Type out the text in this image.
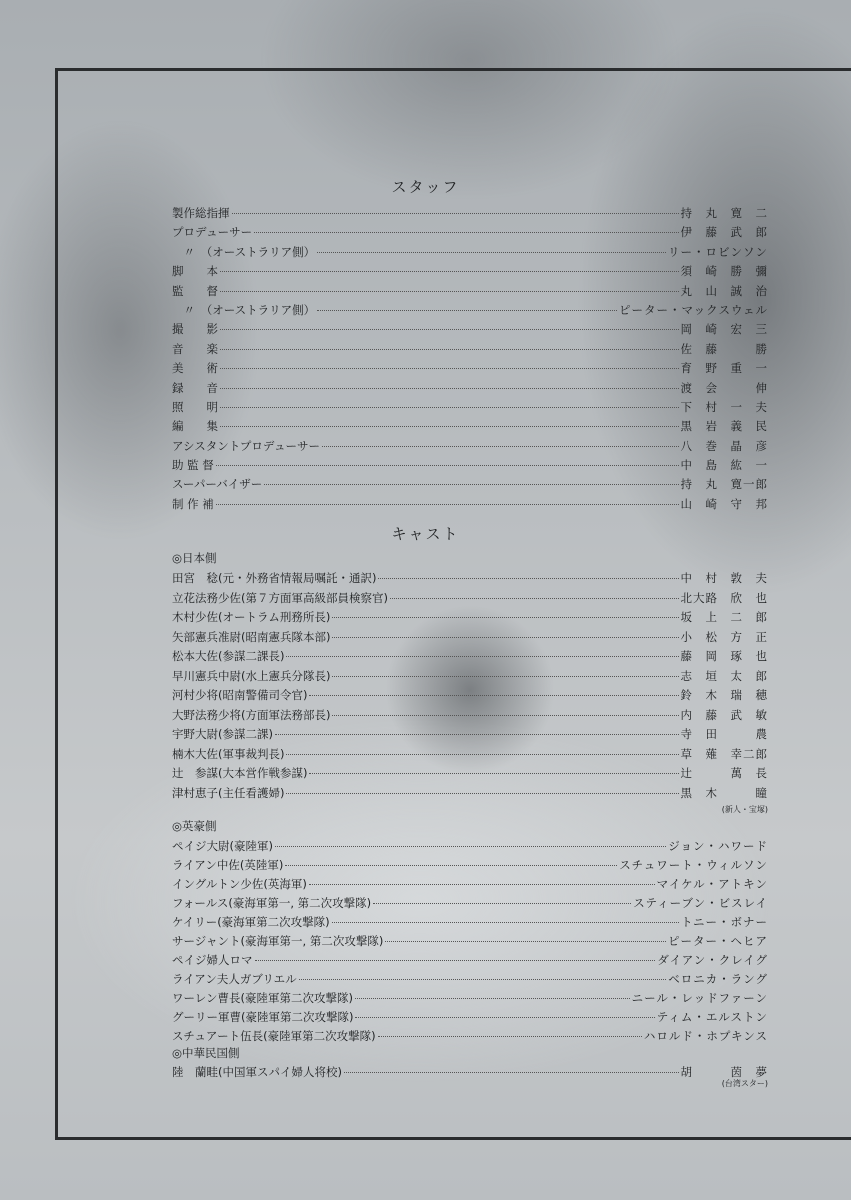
スタッフ
製作総指揮	持　丸　寛　二
プロデューサー	伊　藤　武　郎
　〃　（オーストラリア側）	リー・ロビンソン
脚　　本	須　崎　勝　彌
監　　督	丸　山　誠　治
　〃　（オーストラリア側）	ピーター・マックスウェル
撮　　影	岡　崎　宏　三
音　　楽	佐　藤　　　勝
美　　術	育　野　重　一
録　　音	渡　会　　　伸
照　　明	下　村　一　夫
編　　集	黒　岩　義　民
アシスタントプロデューサー	八　巻　晶　彦
助 監 督	中　島　紘　一
スーパーバイザー	持　丸　寛一郎
制 作 補	山　崎　守　邦
キャスト
◎日本側
田宮　稔(元・外務省情報局嘱託・通訳)	中　村　敦　夫
立花法務少佐(第７方面軍高級部員検察官)	北大路　欣　也
木村少佐(オートラム刑務所長)	坂　上　二　郎
矢部憲兵准尉(昭南憲兵隊本部)	小　松　方　正
松本大佐(参謀二課長)	藤　岡　琢　也
早川憲兵中尉(水上憲兵分隊長)	志　垣　太　郎
河村少将(昭南警備司令官)	鈴　木　瑞　穂
大野法務少将(方面軍法務部長)	内　藤　武　敏
宇野大尉(参謀二課)	寺　田　　　農
楠木大佐(軍事裁判長)	草　薙　幸二郎
辻　参謀(大本営作戦参謀)	辻　　　萬　長
津村恵子(主任看護婦)	黒　木　　　瞳
(新人・宝塚)
◎英豪側
ペイジ大尉(豪陸軍)	ジョン・ハワード
ライアン中佐(英陸軍)	スチュワート・ウィルソン
イングルトン少佐(英海軍)	マイケル・アトキン
フォールス(豪海軍第一, 第二次攻撃隊)	スティーブン・ビスレイ
ケイリー(豪海軍第二次攻撃隊)	トニー・ボナー
サージャント(豪海軍第一, 第二次攻撃隊)	ピーター・ヘヒア
ペイジ婦人ロマ	ダイアン・クレイグ
ライアン夫人ガブリエル	ベロニカ・ラング
ワーレン曹長(豪陸軍第二次攻撃隊)	ニール・レッドファーン
グーリー軍曹(豪陸軍第二次攻撃隊)	ティム・エルストン
スチュアート伍長(豪陸軍第二次攻撃隊)	ハロルド・ホプキンス
◎中華民国側
陸　蘭畦(中国軍スパイ婦人将校)	胡　　　茵　夢
(台湾スター)
